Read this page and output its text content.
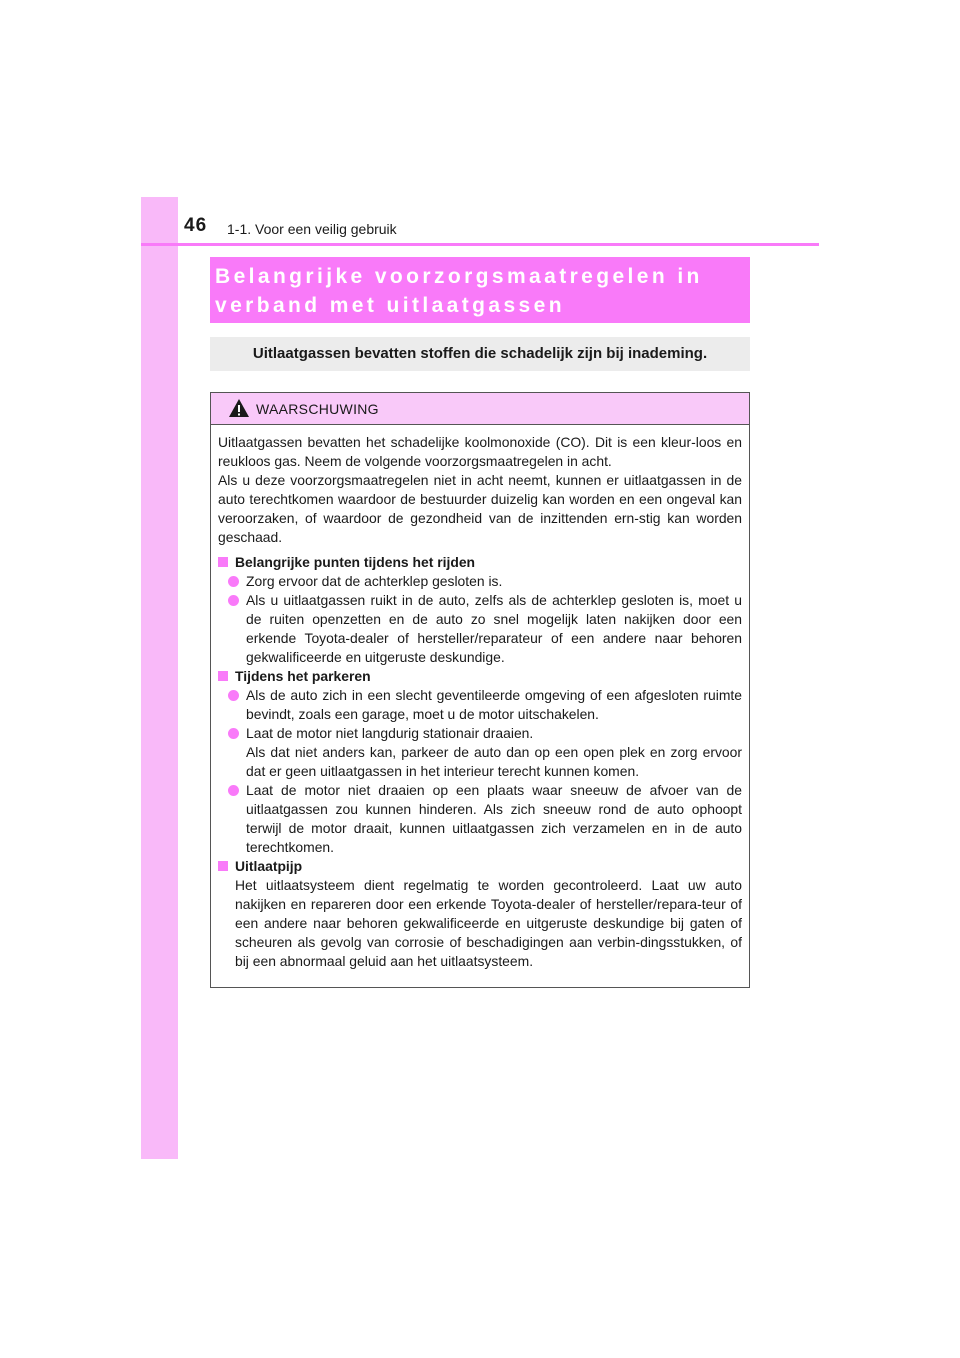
46 1-1. Voor een veilig gebruik
Belangrijke voorzorgsmaatregelen in
verband met uitlaatgassen
Uitlaatgassen bevatten stoffen die schadelijk zijn bij inademing.
WAARSCHUWING

Uitlaatgassen bevatten het schadelijke koolmonoxide (CO). Dit is een kleur-loos en reukloos gas. Neem de volgende voorzorgsmaatregelen in acht.

Als u deze voorzorgsmaatregelen niet in acht neemt, kunnen er uitlaatgassen in de auto terechtkomen waardoor de bestuurder duizelig kan worden en een ongeval kan veroorzaken, of waardoor de gezondheid van de inzittenden ern-stig kan worden geschaad.

Belangrijke punten tijdens het rijden

Zorg ervoor dat de achterklep gesloten is.

Als u uitlaatgassen ruikt in de auto, zelfs als de achterklep gesloten is, moet u de ruiten openzetten en de auto zo snel mogelijk laten nakijken door een erkende Toyota-dealer of hersteller/reparateur of een andere naar behoren gekwalificeerde en uitgeruste deskundige.

Tijdens het parkeren

Als de auto zich in een slecht geventileerde omgeving of een afgesloten ruimte bevindt, zoals een garage, moet u de motor uitschakelen.

Laat de motor niet langdurig stationair draaien.
Als dat niet anders kan, parkeer de auto dan op een open plek en zorg ervoor dat er geen uitlaatgassen in het interieur terecht kunnen komen.

Laat de motor niet draaien op een plaats waar sneeuw de afvoer van de uitlaatgassen zou kunnen hinderen. Als zich sneeuw rond de auto ophoopt terwijl de motor draait, kunnen uitlaatgassen zich verzamelen en in de auto terechtkomen.

Uitlaatpijp

Het uitlaatsysteem dient regelmatig te worden gecontroleerd. Laat uw auto nakijken en repareren door een erkende Toyota-dealer of hersteller/repara-teur of een andere naar behoren gekwalificeerde en uitgeruste deskundige bij gaten of scheuren als gevolg van corrosie of beschadigingen aan verbin-dingsstukken, of bij een abnormaal geluid aan het uitlaatsysteem.
